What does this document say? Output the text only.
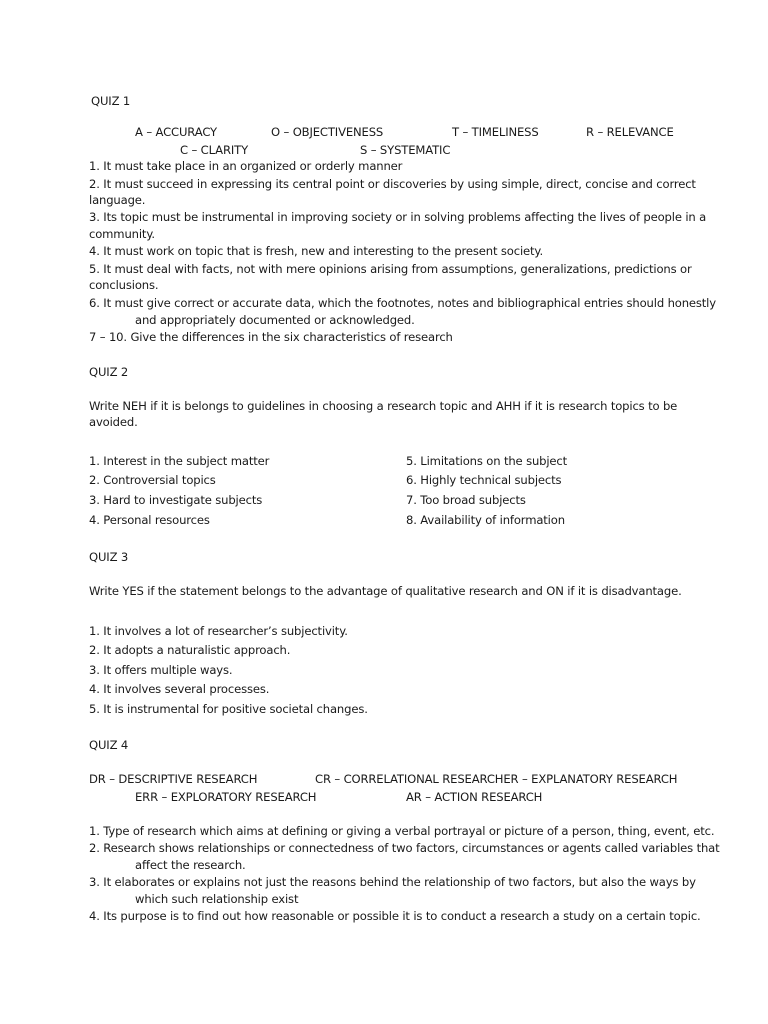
QUIZ 1
A – ACCURACY	O – OBJECTIVENESS	T – TIMELINESS	R – RELEVANCE
C – CLARITY	S – SYSTEMATIC
1. It must take place in an organized or orderly manner
2. It must succeed in expressing its central point or discoveries by using simple, direct, concise and correct
language.
3. Its topic must be instrumental in improving society or in solving problems affecting the lives of people in a
community.
4. It must work on topic that is fresh, new and interesting to the present society.
5. It must deal with facts, not with mere opinions arising from assumptions, generalizations, predictions or
conclusions.
6. It must give correct or accurate data, which the footnotes, notes and bibliographical entries should honestly
and appropriately documented or acknowledged.
7 – 10. Give the differences in the six characteristics of research
QUIZ 2
Write NEH if it is belongs to guidelines in choosing a research topic and AHH if it is research topics to be
avoided.
1. Interest in the subject matter
2. Controversial topics
3. Hard to investigate subjects
4. Personal resources
5. Limitations on the subject
6. Highly technical subjects
7. Too broad subjects
8. Availability of information
QUIZ 3
Write YES if the statement belongs to the advantage of qualitative research and ON if it is disadvantage.
1. It involves a lot of researcher’s subjectivity.
2. It adopts a naturalistic approach.
3. It offers multiple ways.
4. It involves several processes.
5. It is instrumental for positive societal changes.
QUIZ 4
DR – DESCRIPTIVE RESEARCH	CR – CORRELATIONAL RESEARCHER – EXPLANATORY RESEARCH
ERR – EXPLORATORY RESEARCH	AR – ACTION RESEARCH
1. Type of research which aims at defining or giving a verbal portrayal or picture of a person, thing, event, etc.
2. Research shows relationships or connectedness of two factors, circumstances or agents called variables that
affect the research.
3. It elaborates or explains not just the reasons behind the relationship of two factors, but also the ways by
which such relationship exist
4. Its purpose is to find out how reasonable or possible it is to conduct a research a study on a certain topic.
